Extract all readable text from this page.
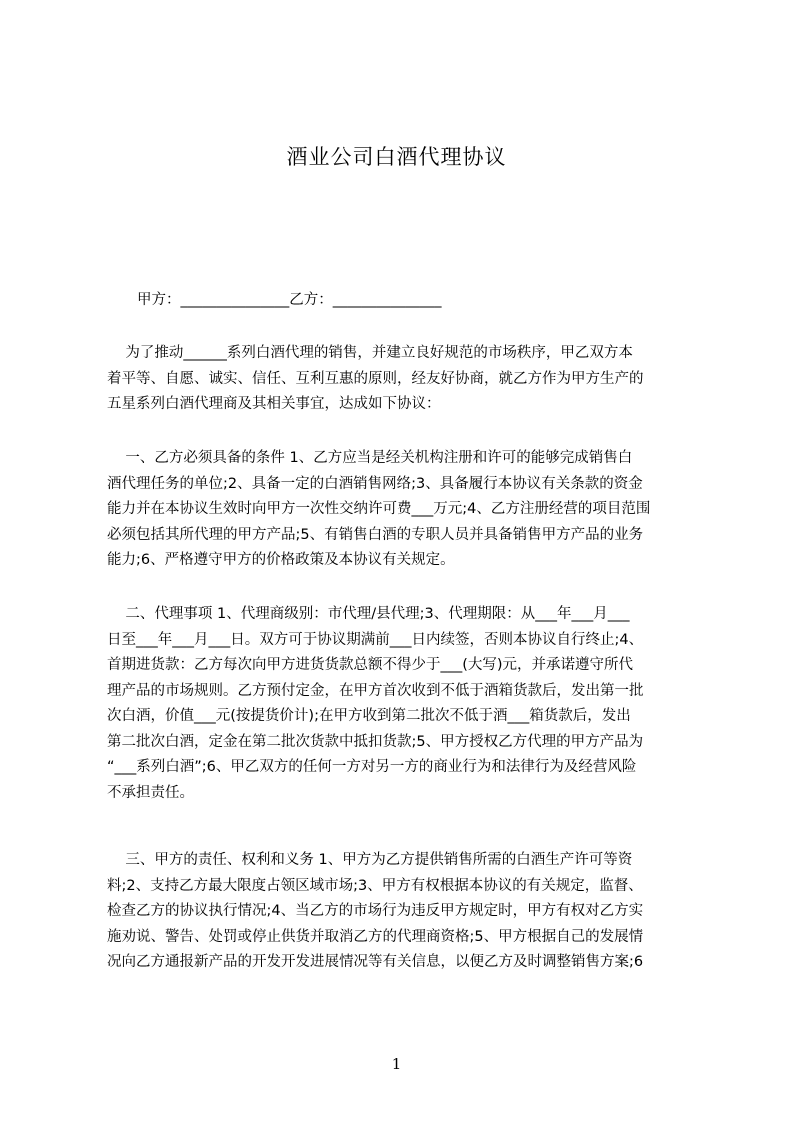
酒业公司白酒代理协议
甲方：_______________乙方：_______________
为了推动______系列白酒代理的销售，并建立良好规范的市场秩序，甲乙双方本
着平等、自愿、诚实、信任、互利互惠的原则，经友好协商，就乙方作为甲方生产的
五星系列白酒代理商及其相关事宜，达成如下协议：
一、乙方必须具备的条件 1、乙方应当是经关机构注册和许可的能够完成销售白
酒代理任务的单位;2、具备一定的白酒销售网络;3、具备履行本协议有关条款的资金
能力并在本协议生效时向甲方一次性交纳许可费___万元;4、乙方注册经营的项目范围
必须包括其所代理的甲方产品;5、有销售白酒的专职人员并具备销售甲方产品的业务
能力;6、严格遵守甲方的价格政策及本协议有关规定。
二、代理事项 1、代理商级别：市代理/县代理;3、代理期限：从___年___月___
日至___年___月___日。双方可于协议期满前___日内续签，否则本协议自行终止;4、
首期进货款：乙方每次向甲方进货货款总额不得少于___(大写)元，并承诺遵守所代
理产品的市场规则。乙方预付定金，在甲方首次收到不低于酒箱货款后，发出第一批
次白酒，价值___元(按提货价计);在甲方收到第二批次不低于酒___箱货款后，发出
第二批次白酒，定金在第二批次货款中抵扣货款;5、甲方授权乙方代理的甲方产品为
“___系列白酒”;6、甲乙双方的任何一方对另一方的商业行为和法律行为及经营风险
不承担责任。
三、甲方的责任、权利和义务 1、甲方为乙方提供销售所需的白酒生产许可等资
料;2、支持乙方最大限度占领区域市场;3、甲方有权根据本协议的有关规定，监督、
检查乙方的协议执行情况;4、当乙方的市场行为违反甲方规定时，甲方有权对乙方实
施劝说、警告、处罚或停止供货并取消乙方的代理商资格;5、甲方根据自己的发展情
况向乙方通报新产品的开发开发进展情况等有关信息，以便乙方及时调整销售方案;6
1
